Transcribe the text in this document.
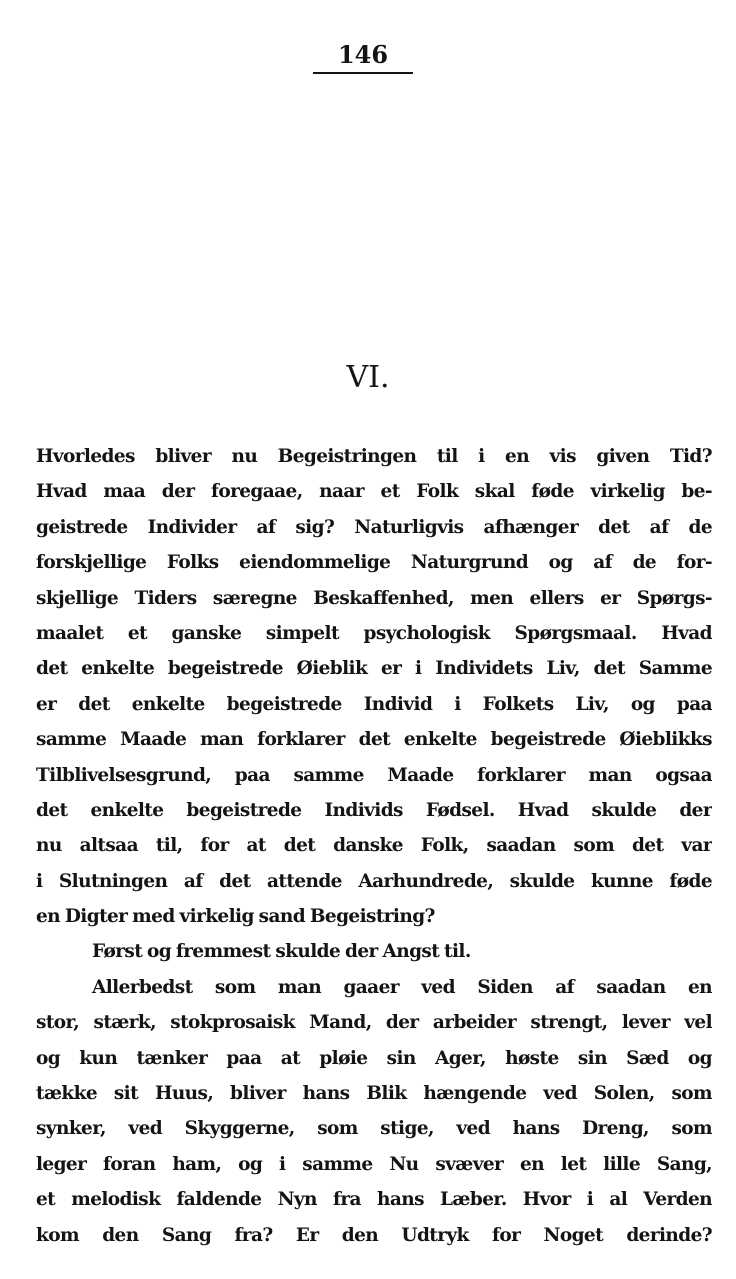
146
VI.
Hvorledes bliver nu Begeistringen til i en vis given Tid?
Hvad maa der foregaae, naar et Folk skal føde virkelig be-
geistrede Individer af sig? Naturligvis afhænger det af de
forskjellige Folks eiendommelige Naturgrund og af de for-
skjellige Tiders særegne Beskaffenhed, men ellers er Spørgs-
maalet et ganske simpelt psychologisk Spørgsmaal. Hvad
det enkelte begeistrede Øieblik er i Individets Liv, det Samme
er det enkelte begeistrede Individ i Folkets Liv, og paa
samme Maade man forklarer det enkelte begeistrede Øieblikks
Tilblivelsesgrund, paa samme Maade forklarer man ogsaa
det enkelte begeistrede Individs Fødsel. Hvad skulde der
nu altsaa til, for at det danske Folk, saadan som det var
i Slutningen af det attende Aarhundrede, skulde kunne føde
en Digter med virkelig sand Begeistring?
Først og fremmest skulde der Angst til.
Allerbedst som man gaaer ved Siden af saadan en
stor, stærk, stokprosaisk Mand, der arbeider strengt, lever vel
og kun tænker paa at pløie sin Ager, høste sin Sæd og
tække sit Huus, bliver hans Blik hængende ved Solen, som
synker, ved Skyggerne, som stige, ved hans Dreng, som
leger foran ham, og i samme Nu svæver en let lille Sang,
et melodisk faldende Nyn fra hans Læber. Hvor i al Verden
kom den Sang fra? Er den Udtryk for Noget derinde?
